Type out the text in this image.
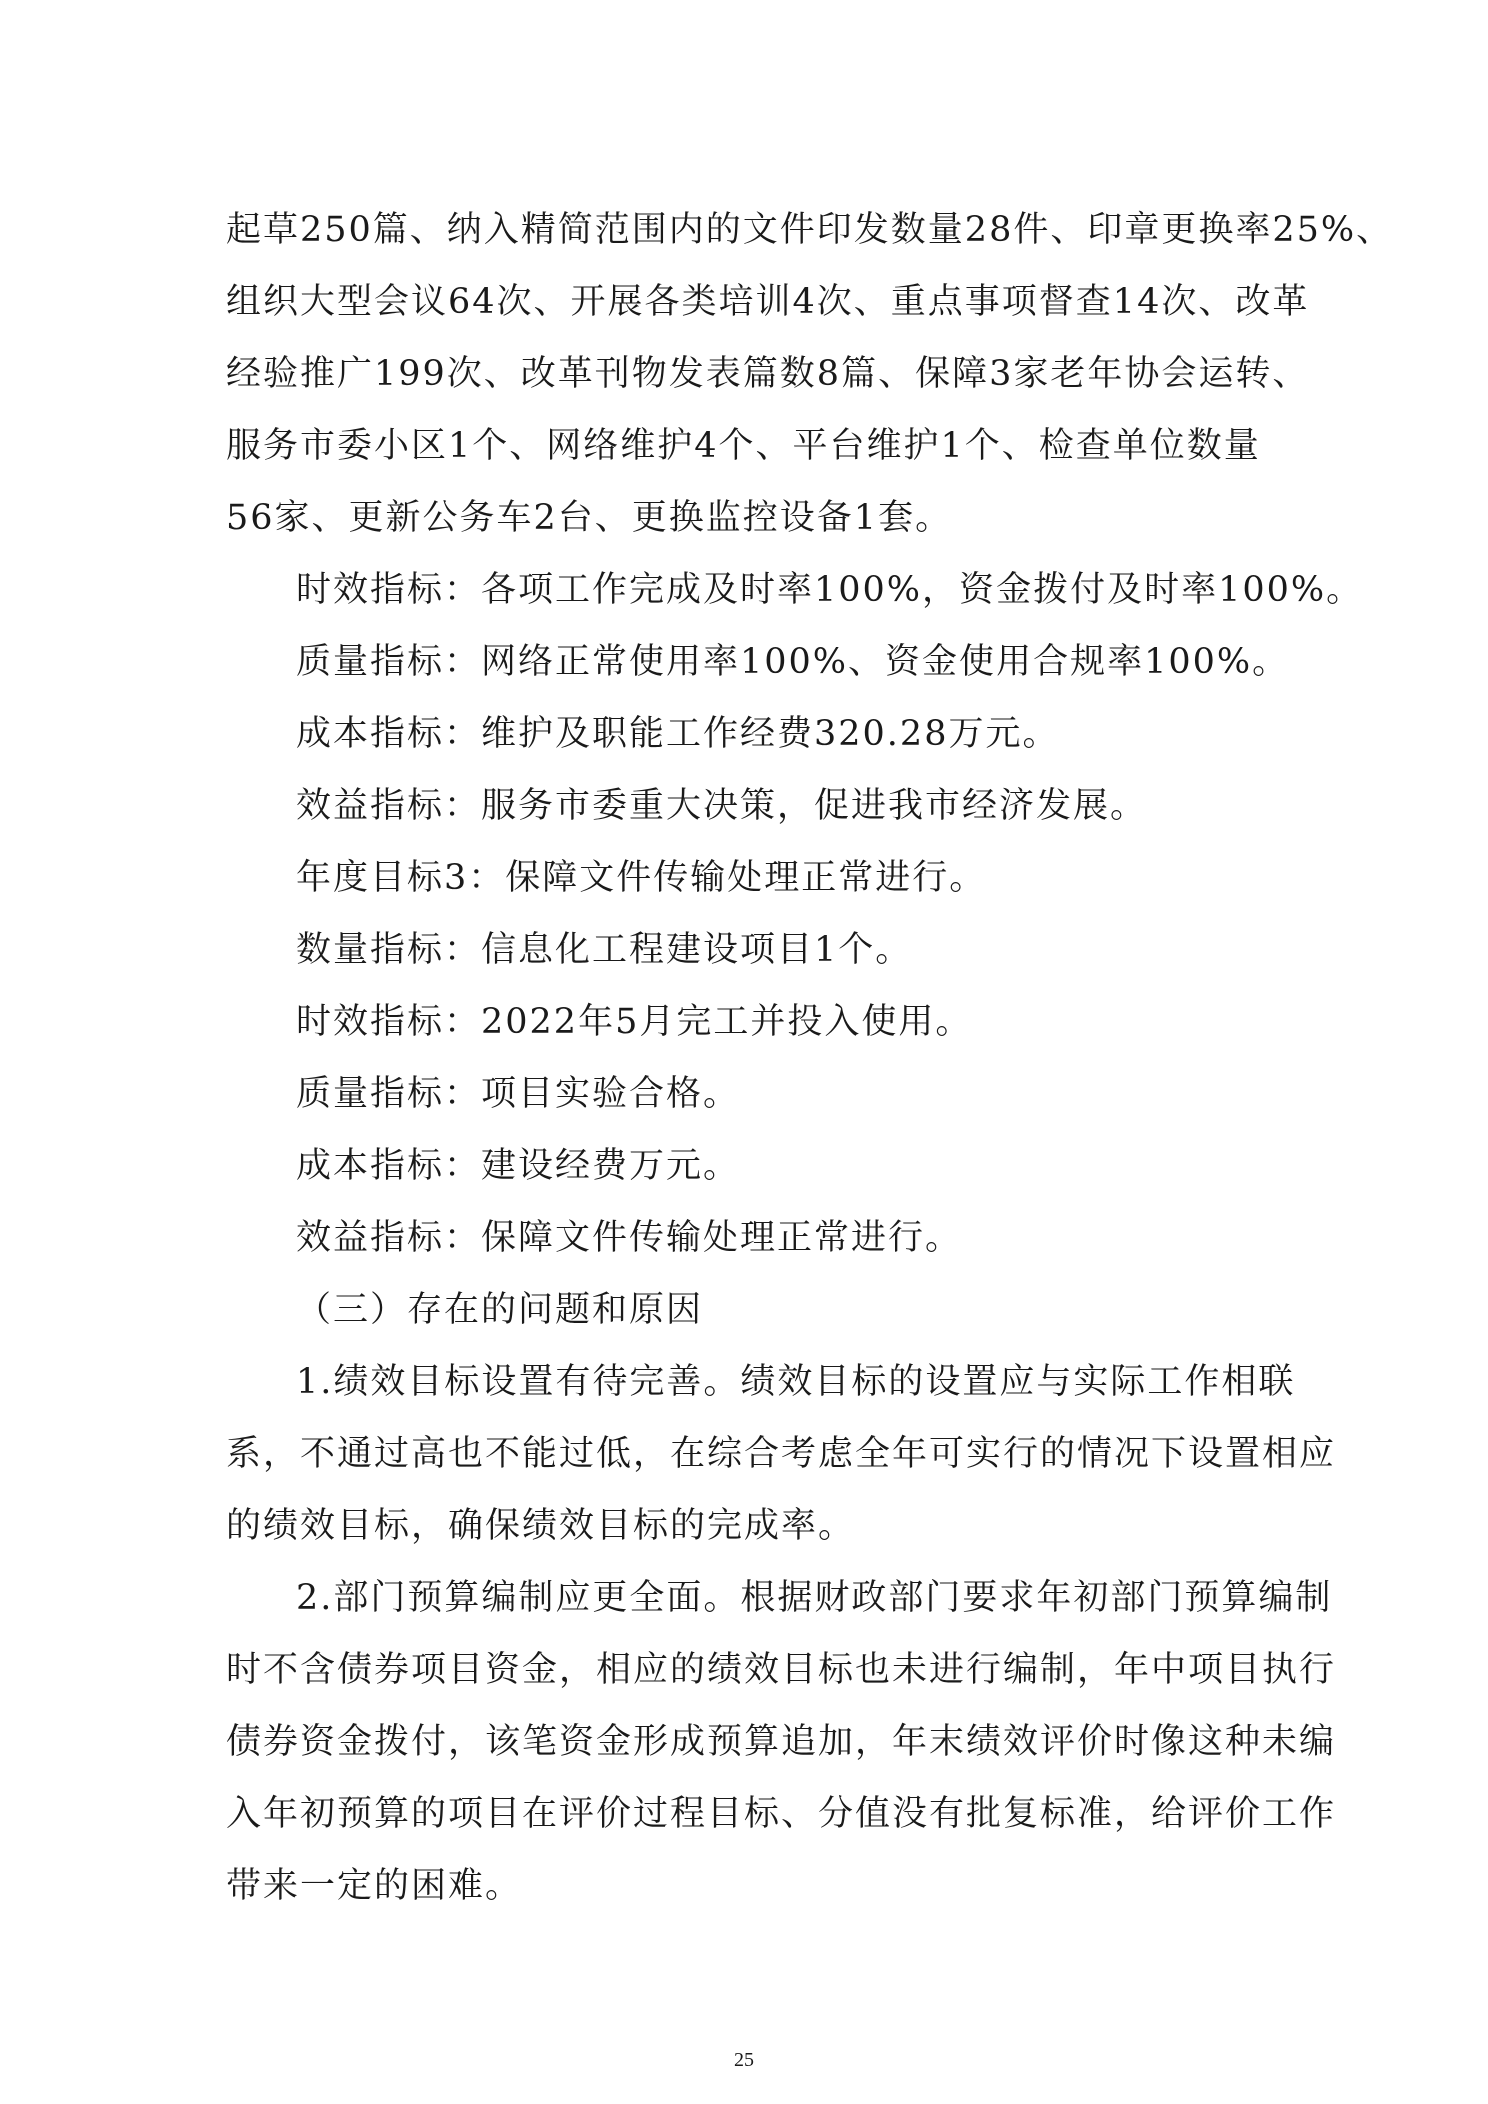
起草250篇、纳入精简范围内的文件印发数量28件、印章更换率25%、
组织大型会议64次、开展各类培训4次、重点事项督查14次、改革
经验推广199次、改革刊物发表篇数8篇、保障3家老年协会运转、
服务市委小区1个、网络维护4个、平台维护1个、检查单位数量
56家、更新公务车2台、更换监控设备1套。
时效指标：各项工作完成及时率100%，资金拨付及时率100%。
质量指标：网络正常使用率100%、资金使用合规率100%。
成本指标：维护及职能工作经费320.28万元。
效益指标：服务市委重大决策，促进我市经济发展。
年度目标3：保障文件传输处理正常进行。
数量指标：信息化工程建设项目1个。
时效指标：2022年5月完工并投入使用。
质量指标：项目实验合格。
成本指标：建设经费万元。
效益指标：保障文件传输处理正常进行。
（三）存在的问题和原因
1.绩效目标设置有待完善。绩效目标的设置应与实际工作相联
系，不通过高也不能过低，在综合考虑全年可实行的情况下设置相应
的绩效目标，确保绩效目标的完成率。
2.部门预算编制应更全面。根据财政部门要求年初部门预算编制
时不含债券项目资金，相应的绩效目标也未进行编制，年中项目执行
债券资金拨付，该笔资金形成预算追加，年末绩效评价时像这种未编
入年初预算的项目在评价过程目标、分值没有批复标准，给评价工作
带来一定的困难。
25
